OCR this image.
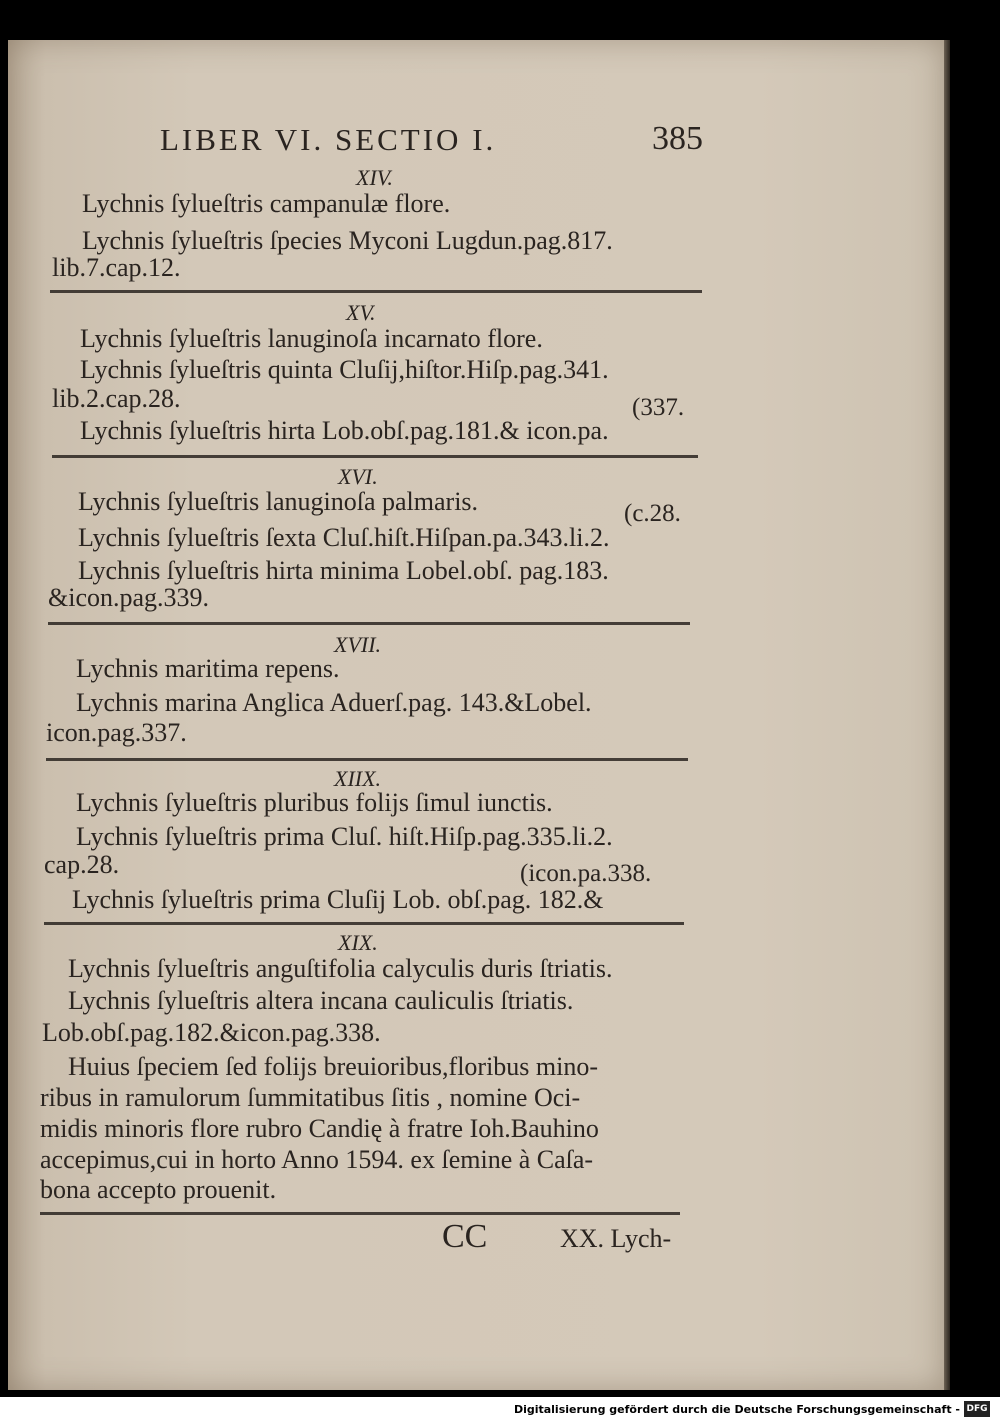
LIBER VI. SECTIO I.	385
XIV.
Lychnis ſylueſtris campanulæ flore.
Lychnis ſylueſtris ſpecies Myconi Lugdun.pag.817.
lib.7.cap.12.
XV.
Lychnis ſylueſtris lanuginoſa incarnato flore.
Lychnis ſylueſtris quinta Cluſij,hiſtor.Hiſp.pag.341.
lib.2.cap.28.	(337.
Lychnis ſylueſtris hirta Lob.obſ.pag.181.& icon.pa.
XVI.
Lychnis ſylueſtris lanuginoſa palmaris.	(c.28.
Lychnis ſylueſtris ſexta Cluſ.hiſt.Hiſpan.pa.343.li.2.
Lychnis ſylueſtris hirta minima Lobel.obſ. pag.183.
&icon.pag.339.
XVII.
Lychnis maritima repens.
Lychnis marina Anglica Aduerſ.pag. 143.&Lobel.
icon.pag.337.
XIIX.
Lychnis ſylueſtris pluribus folijs ſimul iunctis.
Lychnis ſylueſtris prima Cluſ. hiſt.Hiſp.pag.335.li.2.
cap.28.	(icon.pa.338.
Lychnis ſylueſtris prima Cluſij Lob. obſ.pag. 182.&
XIX.
Lychnis ſylueſtris anguſtifolia calyculis duris ſtriatis.
Lychnis ſylueſtris altera incana cauliculis ſtriatis.
Lob.obſ.pag.182.&icon.pag.338.
Huius ſpeciem ſed folijs breuioribus,floribus mino-
ribus in ramulorum ſummitatibus ſitis , nomine Oci-
midis minoris flore rubro Candię à fratre Ioh.Bauhino
accepimus,cui in horto Anno 1594. ex ſemine à Caſa-
bona accepto prouenit.
CC	XX. Lych-
Digitalisierung gefördert durch die Deutsche Forschungsgemeinschaft - DFG
